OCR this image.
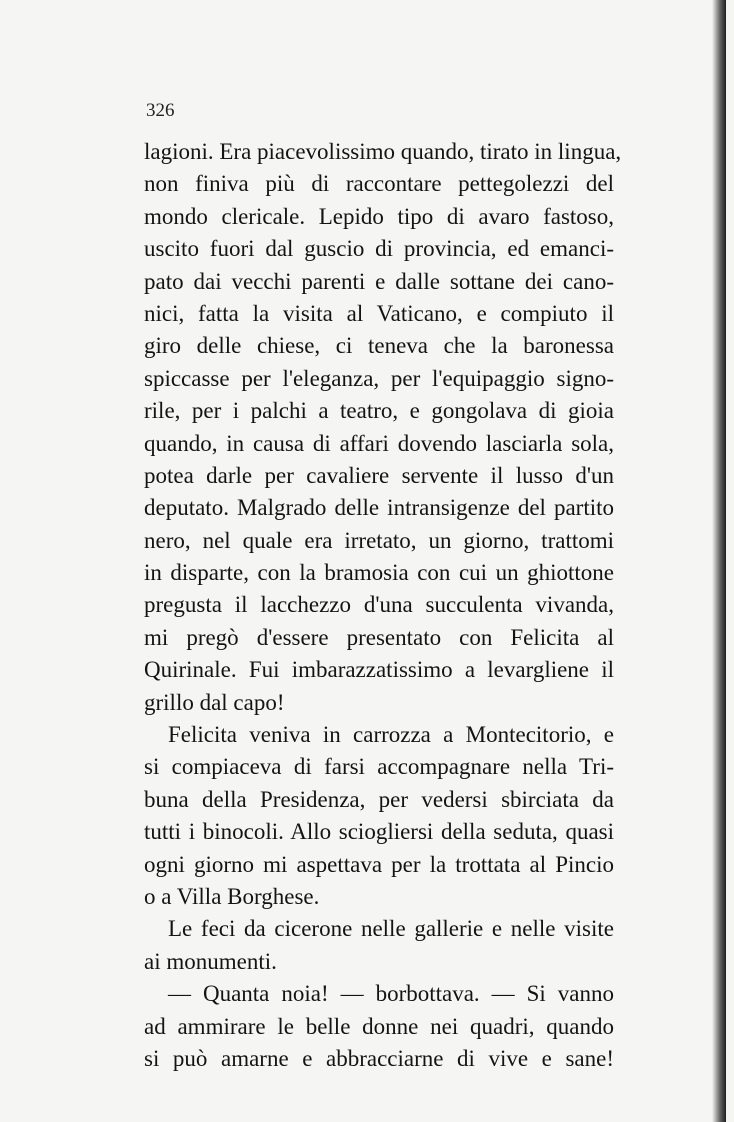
326
lagioni. Era piacevolissimo quando, tirato in lingua,
non finiva più di raccontare pettegolezzi del
mondo clericale. Lepido tipo di avaro fastoso,
uscito fuori dal guscio di provincia, ed emanci-
pato dai vecchi parenti e dalle sottane dei cano-
nici, fatta la visita al Vaticano, e compiuto il
giro delle chiese, ci teneva che la baronessa
spiccasse per l'eleganza, per l'equipaggio signo-
rile, per i palchi a teatro, e gongolava di gioia
quando, in causa di affari dovendo lasciarla sola,
potea darle per cavaliere servente il lusso d'un
deputato. Malgrado delle intransigenze del partito
nero, nel quale era irretato, un giorno, trattomi
in disparte, con la bramosia con cui un ghiottone
pregusta il lacchezzo d'una succulenta vivanda,
mi pregò d'essere presentato con Felicita al
Quirinale. Fui imbarazzatissimo a levargliene il
grillo dal capo!
Felicita veniva in carrozza a Montecitorio, e
si compiaceva di farsi accompagnare nella Tri-
buna della Presidenza, per vedersi sbirciata da
tutti i binocoli. Allo sciogliersi della seduta, quasi
ogni giorno mi aspettava per la trottata al Pincio
o a Villa Borghese.
Le feci da cicerone nelle gallerie e nelle visite
ai monumenti.
— Quanta noia! — borbottava. — Si vanno
ad ammirare le belle donne nei quadri, quando
si può amarne e abbracciarne di vive e sane!
